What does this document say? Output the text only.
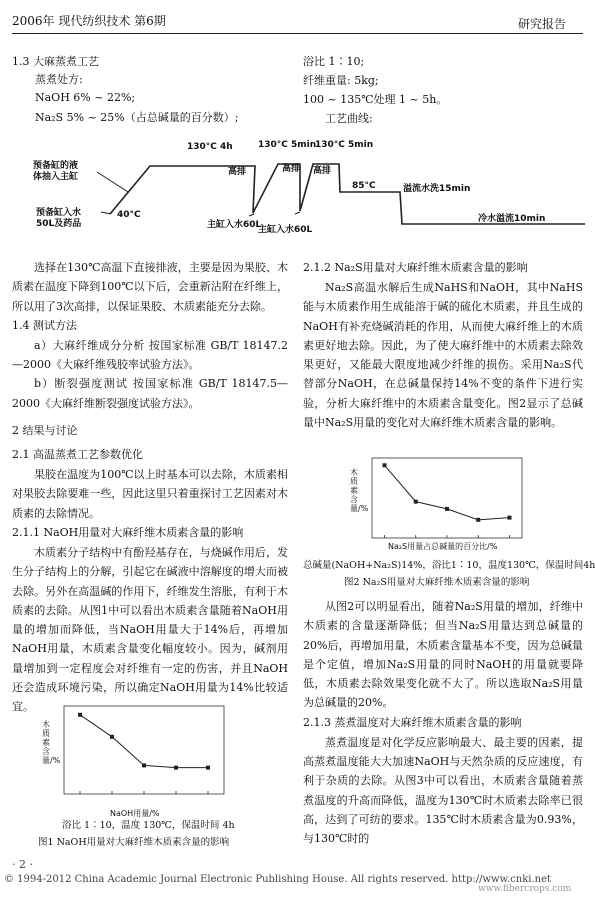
2006年 现代纺织技术 第6期	研究报告
1.3 大麻蒸煮工艺
蒸煮处方:
NaOH 6% ~ 22%;
Na₂S 5% ~ 25%（占总碱量的百分数）;
浴比 1∶10;
纤维重量: 5kg;
100 ~ 135℃处理 1 ~ 5h。
工艺曲线:
预备缸的液
体抽入主缸
预备缸入水
50L及药品
40°C
130°C 4h	130°C 5min
130°C 5min
高排	高排 高排
主缸入水60L
主缸入水60L
85°C	溢流水洗15min
冷水溢流10min

选择在130℃高温下直接排液，主要是因为果胶、木质素在温度下降到100℃以下后，会重新沾附在纤维上，所以用了3次高排，以保证果胶、木质素能充分去除。

1.4 测试方法

a）大麻纤维成分分析 按国家标准 GB/T 18147.2—2000《大麻纤维残胶率试验方法》。

b）断裂强度测试 按国家标准 GB/T 18147.5—2000《大麻纤维断裂强度试验方法》。

2 结果与讨论
2.1 高温蒸煮工艺参数优化

果胶在温度为100℃以上时基本可以去除，木质素相对果胶去除要难一些，因此这里只着重探讨工艺因素对木质素的去除情况。

2.1.1 NaOH用量对大麻纤维木质素含量的影响

木质素分子结构中有酚羟基存在，与烧碱作用后，发生分子结构上的分解，引起它在碱液中溶解度的增大而被去除。另外在高温碱的作用下，纤维发生溶胀，有利于木质素的去除。从图1中可以看出木质素含量随着NaOH用量的增加而降低，当NaOH用量大于14%后，再增加NaOH用量，木质素含量变化幅度较小。因为，碱剂用量增加到一定程度会对纤维有一定的伤害，并且NaOH还会造成环境污染，所以确定NaOH用量为14%比较适宜。

木质素含量/%
NaOH用量/%
浴比 1∶10，温度 130℃，保温时间 4h
图1 NaOH用量对大麻纤维木质素含量的影响
2.1.2 Na₂S用量对大麻纤维木质素含量的影响

Na₂S高温水解后生成NaHS和NaOH，其中NaHS能与木质素作用生成能溶于碱的硫化木质素，并且生成的NaOH有补充烧碱消耗的作用，从而使大麻纤维上的木质素更好地去除。因此，为了使大麻纤维中的木质素去除效果更好，又能最大限度地减少纤维的损伤。采用Na₂S代替部分NaOH，在总碱量保持14%不变的条件下进行实验，分析大麻纤维中的木质素含量变化。图2显示了总碱量中Na₂S用量的变化对大麻纤维木质素含量的影响。

木质素含量/%
Na₂S用量占总碱量的百分比/%
总碱量(NaOH+Na₂S)14%，浴比1∶10，温度130℃，保温时间4h
图2 Na₂S用量对大麻纤维木质素含量的影响

从图2可以明显看出，随着Na₂S用量的增加，纤维中木质素的含量逐渐降低；但当Na₂S用量达到总碱量的20%后，再增加用量，木质素含量基本不变，因为总碱量是个定值，增加Na₂S用量的同时NaOH的用量就要降低，木质素去除效果变化就不大了。所以选取Na₂S用量为总碱量的20%。

2.1.3 蒸煮温度对大麻纤维木质素含量的影响

蒸煮温度是对化学反应影响最大、最主要的因素，提高蒸煮温度能大大加速NaOH与天然杂质的反应速度，有利于杂质的去除。从图3中可以看出，木质素含量随着蒸煮温度的升高而降低，温度为130℃时木质素去除率已很高，达到了可纺的要求。135℃时木质素含量为0.93%，与130℃时的

· 2 ·
© 1994-2012 China Academic Journal Electronic Publishing House. All rights reserved. http://www.cnki.net
www.fibercrops.com
